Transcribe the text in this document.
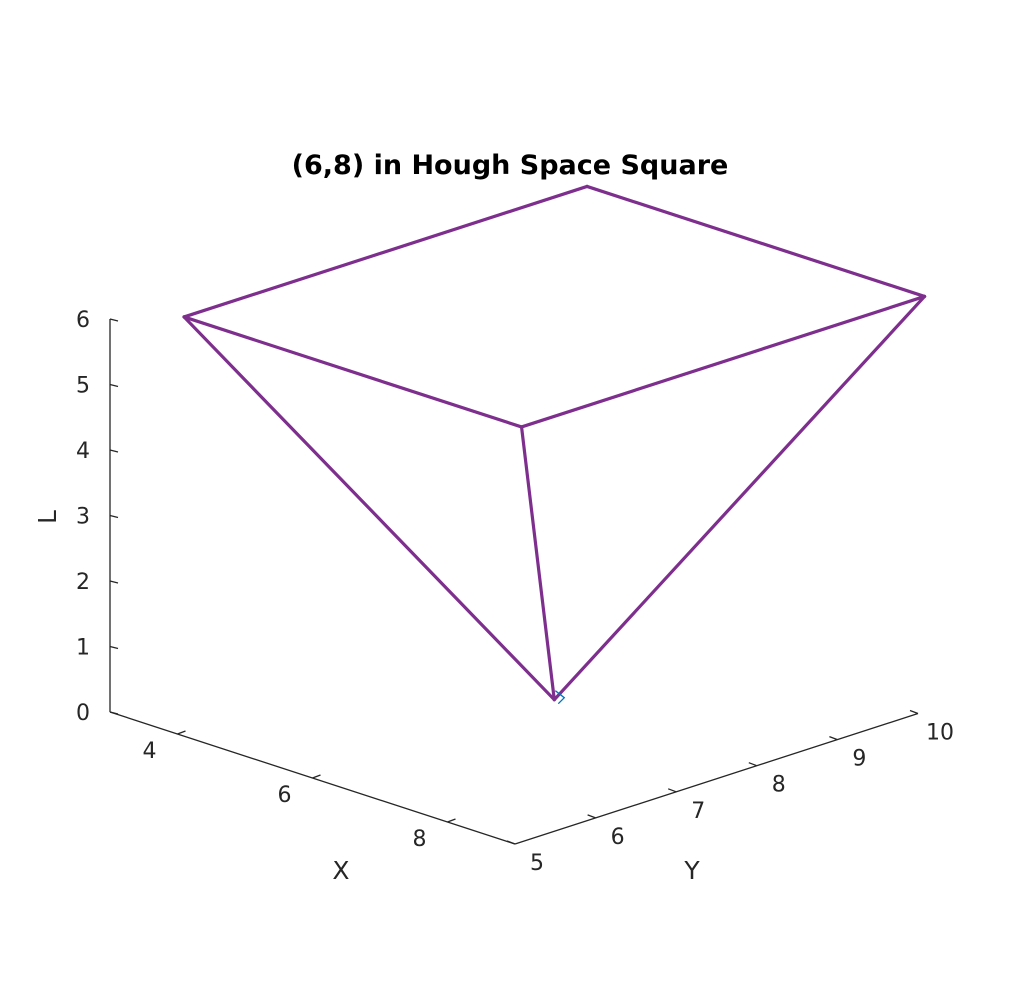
(6,8) in Hough Space Square
4
6
8
5
6
7
8
9
10
0
1
2
3
4
5
6
X	Y
L
